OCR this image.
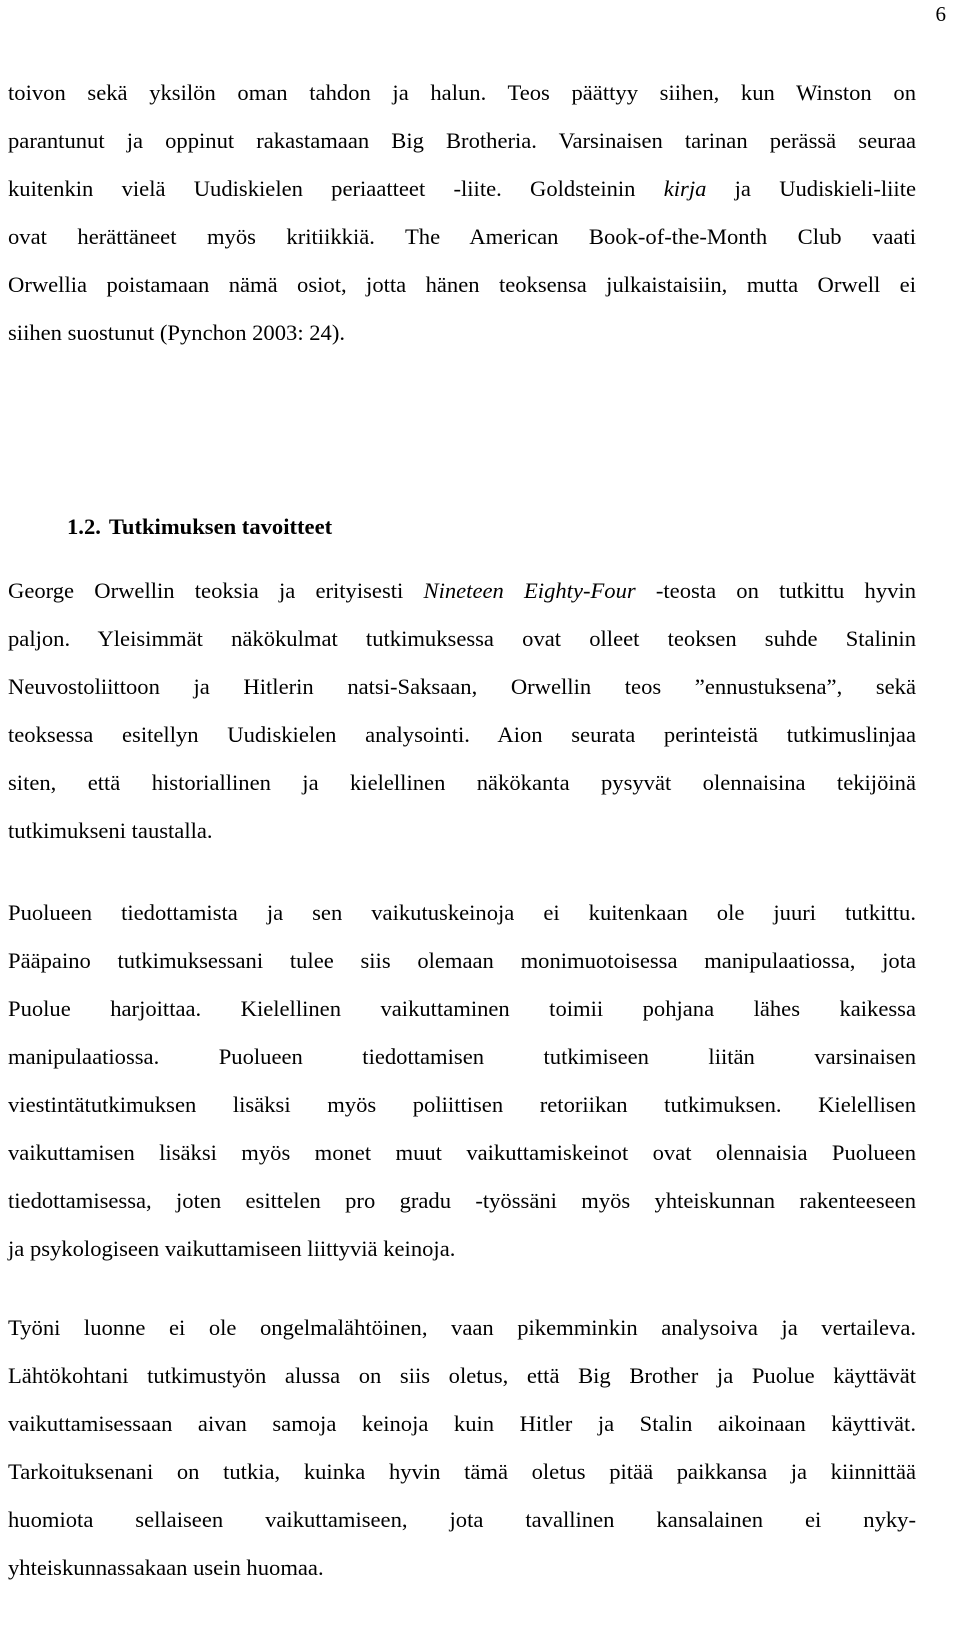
6
toivon sekä yksilön oman tahdon ja halun. Teos päättyy siihen, kun Winston on
parantunut ja oppinut rakastamaan Big Brotheria. Varsinaisen tarinan perässä seuraa
kuitenkin vielä Uudiskielen periaatteet -liite. Goldsteinin kirja ja Uudiskieli-liite
ovat herättäneet myös kritiikkiä. The American Book-of-the-Month Club vaati
Orwellia poistamaan nämä osiot, jotta hänen teoksensa julkaistaisiin, mutta Orwell ei
siihen suostunut (Pynchon 2003: 24).
George Orwellin teoksia ja erityisesti Nineteen Eighty-Four -teosta on tutkittu hyvin
paljon. Yleisimmät näkökulmat tutkimuksessa ovat olleet teoksen suhde Stalinin
Neuvostoliittoon ja Hitlerin natsi-Saksaan, Orwellin teos ”ennustuksena”, sekä
teoksessa esitellyn Uudiskielen analysointi. Aion seurata perinteistä tutkimuslinjaa
siten, että historiallinen ja kielellinen näkökanta pysyvät olennaisina tekijöinä
tutkimukseni taustalla.
Puolueen tiedottamista ja sen vaikutuskeinoja ei kuitenkaan ole juuri tutkittu.
Pääpaino tutkimuksessani tulee siis olemaan monimuotoisessa manipulaatiossa, jota
Puolue harjoittaa. Kielellinen vaikuttaminen toimii pohjana lähes kaikessa
manipulaatiossa. Puolueen tiedottamisen tutkimiseen liitän varsinaisen
viestintätutkimuksen lisäksi myös poliittisen retoriikan tutkimuksen. Kielellisen
vaikuttamisen lisäksi myös monet muut vaikuttamiskeinot ovat olennaisia Puolueen
tiedottamisessa, joten esittelen pro gradu -työssäni myös yhteiskunnan rakenteeseen
ja psykologiseen vaikuttamiseen liittyviä keinoja.
Työni luonne ei ole ongelmalähtöinen, vaan pikemminkin analysoiva ja vertaileva.
Lähtökohtani tutkimustyön alussa on siis oletus, että Big Brother ja Puolue käyttävät
vaikuttamisessaan aivan samoja keinoja kuin Hitler ja Stalin aikoinaan käyttivät.
Tarkoituksenani on tutkia, kuinka hyvin tämä oletus pitää paikkansa ja kiinnittää
huomiota sellaiseen vaikuttamiseen, jota tavallinen kansalainen ei nyky-
yhteiskunnassakaan usein huomaa.
1.2. Tutkimuksen tavoitteet
